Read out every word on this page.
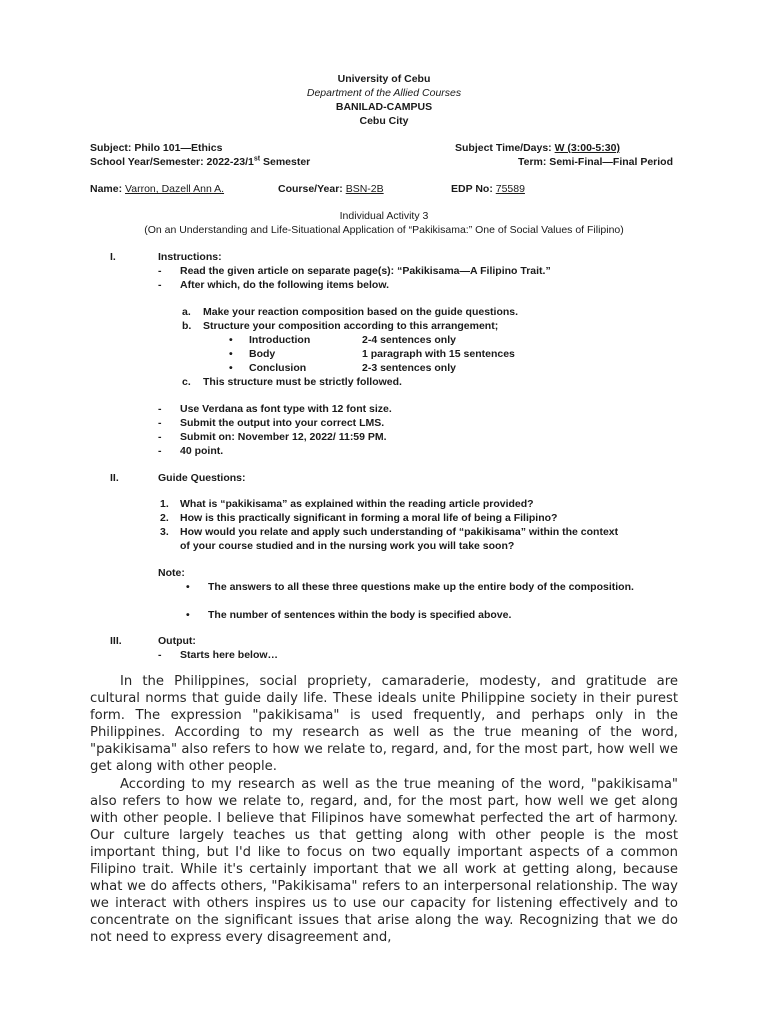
University of Cebu
Department of the Allied Courses
BANILAD-CAMPUS
Cebu City
Subject: Philo 101—Ethics	Subject Time/Days: W (3:00-5:30)
School Year/Semester: 2022-23/1st Semester	Term: Semi-Final—Final Period
Name: Varron, Dazell Ann A.	Course/Year: BSN-2B	EDP No: 75589
Individual Activity 3
(On an Understanding and Life-Situational Application of “Pakikisama:” One of Social Values of Filipino)
I.	Instructions:
- Read the given article on separate page(s): “Pakikisama—A Filipino Trait.”
- After which, do the following items below.
a. Make your reaction composition based on the guide questions.
b. Structure your composition according to this arrangement;
• Introduction	2-4 sentences only
• Body	1 paragraph with 15 sentences
• Conclusion	2-3 sentences only
c. This structure must be strictly followed.
- Use Verdana as font type with 12 font size.
- Submit the output into your correct LMS.
- Submit on: November 12, 2022/ 11:59 PM.
- 40 point.
II.	Guide Questions:
1. What is “pakikisama” as explained within the reading article provided?
2. How is this practically significant in forming a moral life of being a Filipino?
3. How would you relate and apply such understanding of “pakikisama” within the context
of your course studied and in the nursing work you will take soon?
Note:
• The answers to all these three questions make up the entire body of the composition.
• The number of sentences within the body is specified above.
III.	Output:
- Starts here below…

In the Philippines, social propriety, camaraderie, modesty, and gratitude are cultural norms that guide daily life. These ideals unite Philippine society in their purest form. The expression "pakikisama" is used frequently, and perhaps only in the Philippines. According to my research as well as the true meaning of the word, "pakikisama" also refers to how we relate to, regard, and, for the most part, how well we get along with other people.

According to my research as well as the true meaning of the word, "pakikisama" also refers to how we relate to, regard, and, for the most part, how well we get along with other people. I believe that Filipinos have somewhat perfected the art of harmony. Our culture largely teaches us that getting along with other people is the most important thing, but I'd like to focus on two equally important aspects of a common Filipino trait. While it's certainly important that we all work at getting along, because what we do affects others, "Pakikisama" refers to an interpersonal relationship. The way we interact with others inspires us to use our capacity for listening effectively and to concentrate on the significant issues that arise along the way. Recognizing that we do not need to express every disagreement and,
